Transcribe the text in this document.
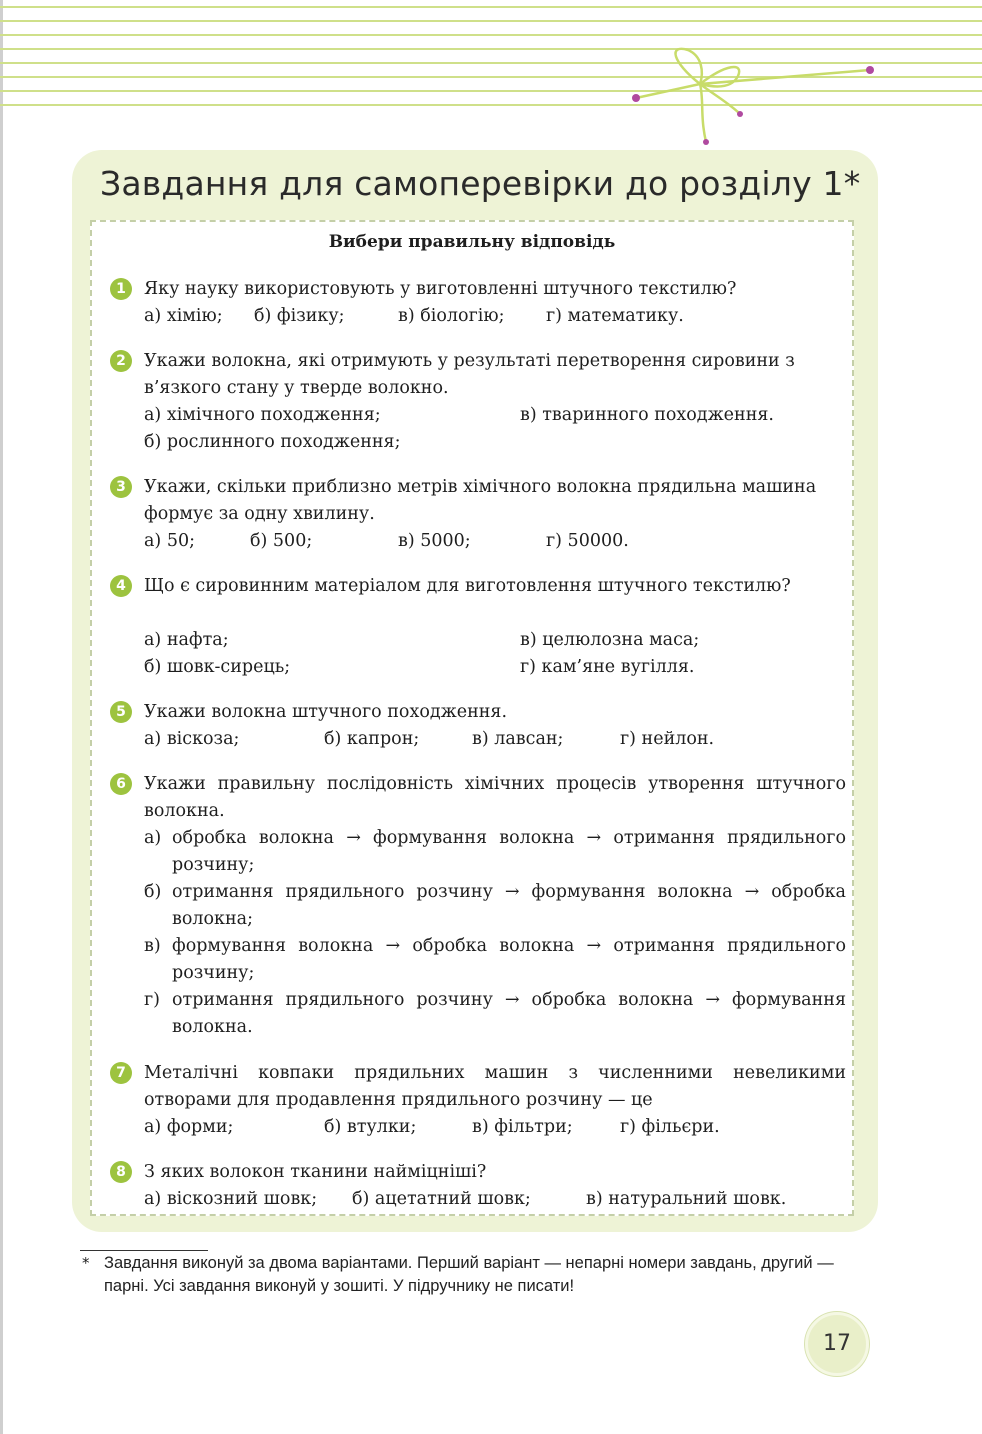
Завдання для самоперевірки до розділу 1*
Вибери правильну відповідь
1	Яку науку використовують у виготовленні штучного текстилю?

а) хімію; б) фізику;	в) біологію; г) математику.
2	Укажи волокна, які отримують у результаті перетворення сировини з в’язкого стану у тверде волокно.

а) хімічного походження;	в) тваринного походження.
б) рослинного походження;
3	Укажи, скільки приблизно метрів хімічного волокна прядильна машина формує за одну хвилину.

а) 50;	б) 500;	в) 5000;	г) 50000.
4	Що є сировинним матеріалом для виготовлення штучного текстилю?

а) нафта;	в) целюлозна маса;
б) шовк-сирець;	г) кам’яне вугілля.
5	Укажи волокна штучного походження.

а) віскоза;	б) капрон;	в) лавсан;	г) нейлон.
6	Укажи правильну послідовність хімічних процесів утворення штучного волокна.

а) обробка волокна → формування волокна → отримання прядильного розчину;
б) отримання прядильного розчину → формування волокна → обробка волокна;
в) формування волокна → обробка волокна → отримання прядильного розчину;
г) отримання прядильного розчину → обробка волокна → формування волокна.
7	Металічні ковпаки прядильних машин з численними невеликими отворами для продавлення прядильного розчину — це

а) форми;	б) втулки;	в) фільтри;	г) фільєри.
8	З яких волокон тканини найміцніші?

а) віскозний шовк; б) ацетатний шовк;	в) натуральний шовк.
* Завдання виконуй за двома варіантами. Перший варіант — непарні номери завдань, другий — парні. Усі завдання виконуй у зошиті. У підручнику не писати!

17
